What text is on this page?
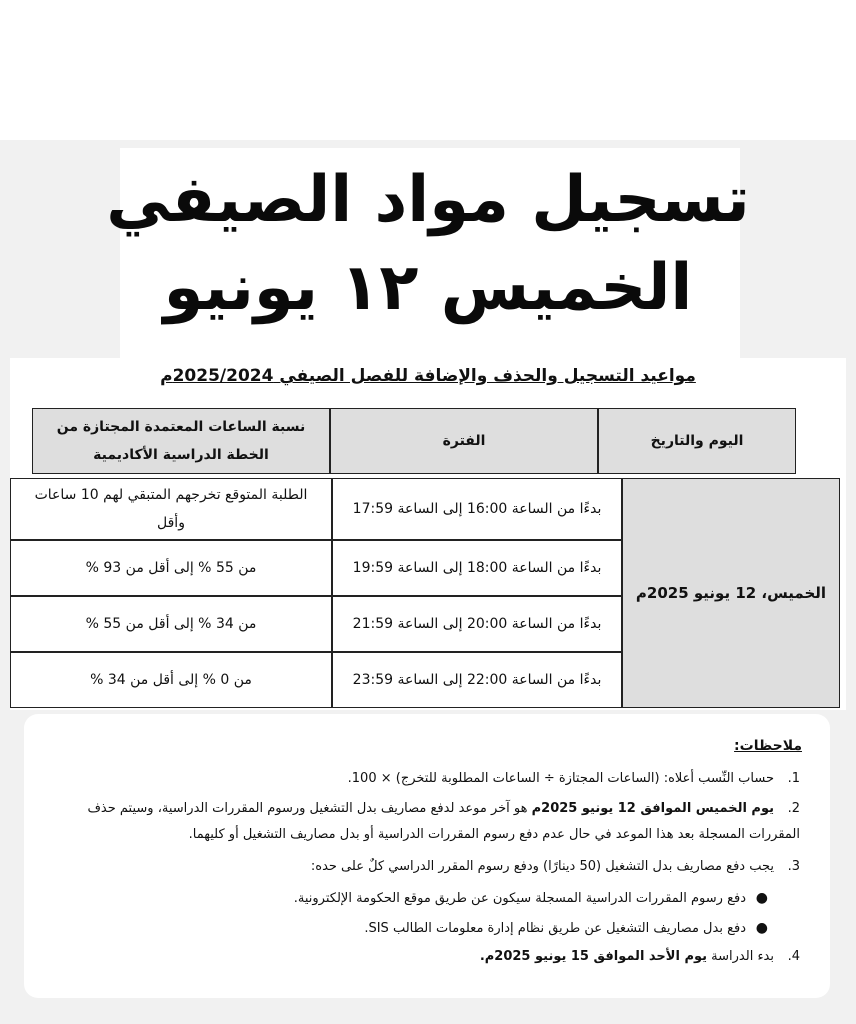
تسجيل مواد الصيفي
الخميس ١٢ يونيو
مواعيد التسجيل والحذف والإضافة للفصل الصيفي 2025/2024م
اليوم والتاريخ
الفترة
نسبة الساعات المعتمدة المجتازة من الخطة الدراسية الأكاديمية
الخميس، 12 يونيو 2025م
بدءًا من الساعة 16:00 إلى الساعة 17:59
الطلبة المتوقع تخرجهم المتبقي لهم 10 ساعات وأقل
بدءًا من الساعة 18:00 إلى الساعة 19:59
من 55 % إلى أقل من 93 %
بدءًا من الساعة 20:00 إلى الساعة 21:59
من 34 % إلى أقل من 55 %
بدءًا من الساعة 22:00 إلى الساعة 23:59
من 0 % إلى أقل من 34 %

ملاحظات:

1.حساب النِّسب أعلاه: (الساعات المجتازة ÷ الساعات المطلوبة للتخرج) × 100.

2.يوم الخميس الموافق 12 يونيو 2025م هو آخر موعد لدفع مصاريف بدل التشغيل ورسوم المقررات الدراسية، وسيتم حذف المقررات المسجلة بعد هذا الموعد في حال عدم دفع رسوم المقررات الدراسية أو بدل مصاريف التشغيل أو كليهما.

3.يجب دفع مصاريف بدل التشغيل (50 دينارًا) ودفع رسوم المقرر الدراسي كلٌ على حده:

●دفع رسوم المقررات الدراسية المسجلة سيكون عن طريق موقع الحكومة الإلكترونية.

●دفع بدل مصاريف التشغيل عن طريق نظام إدارة معلومات الطالب SIS.

4.بدء الدراسة يوم الأحد الموافق 15 يونيو 2025م.
